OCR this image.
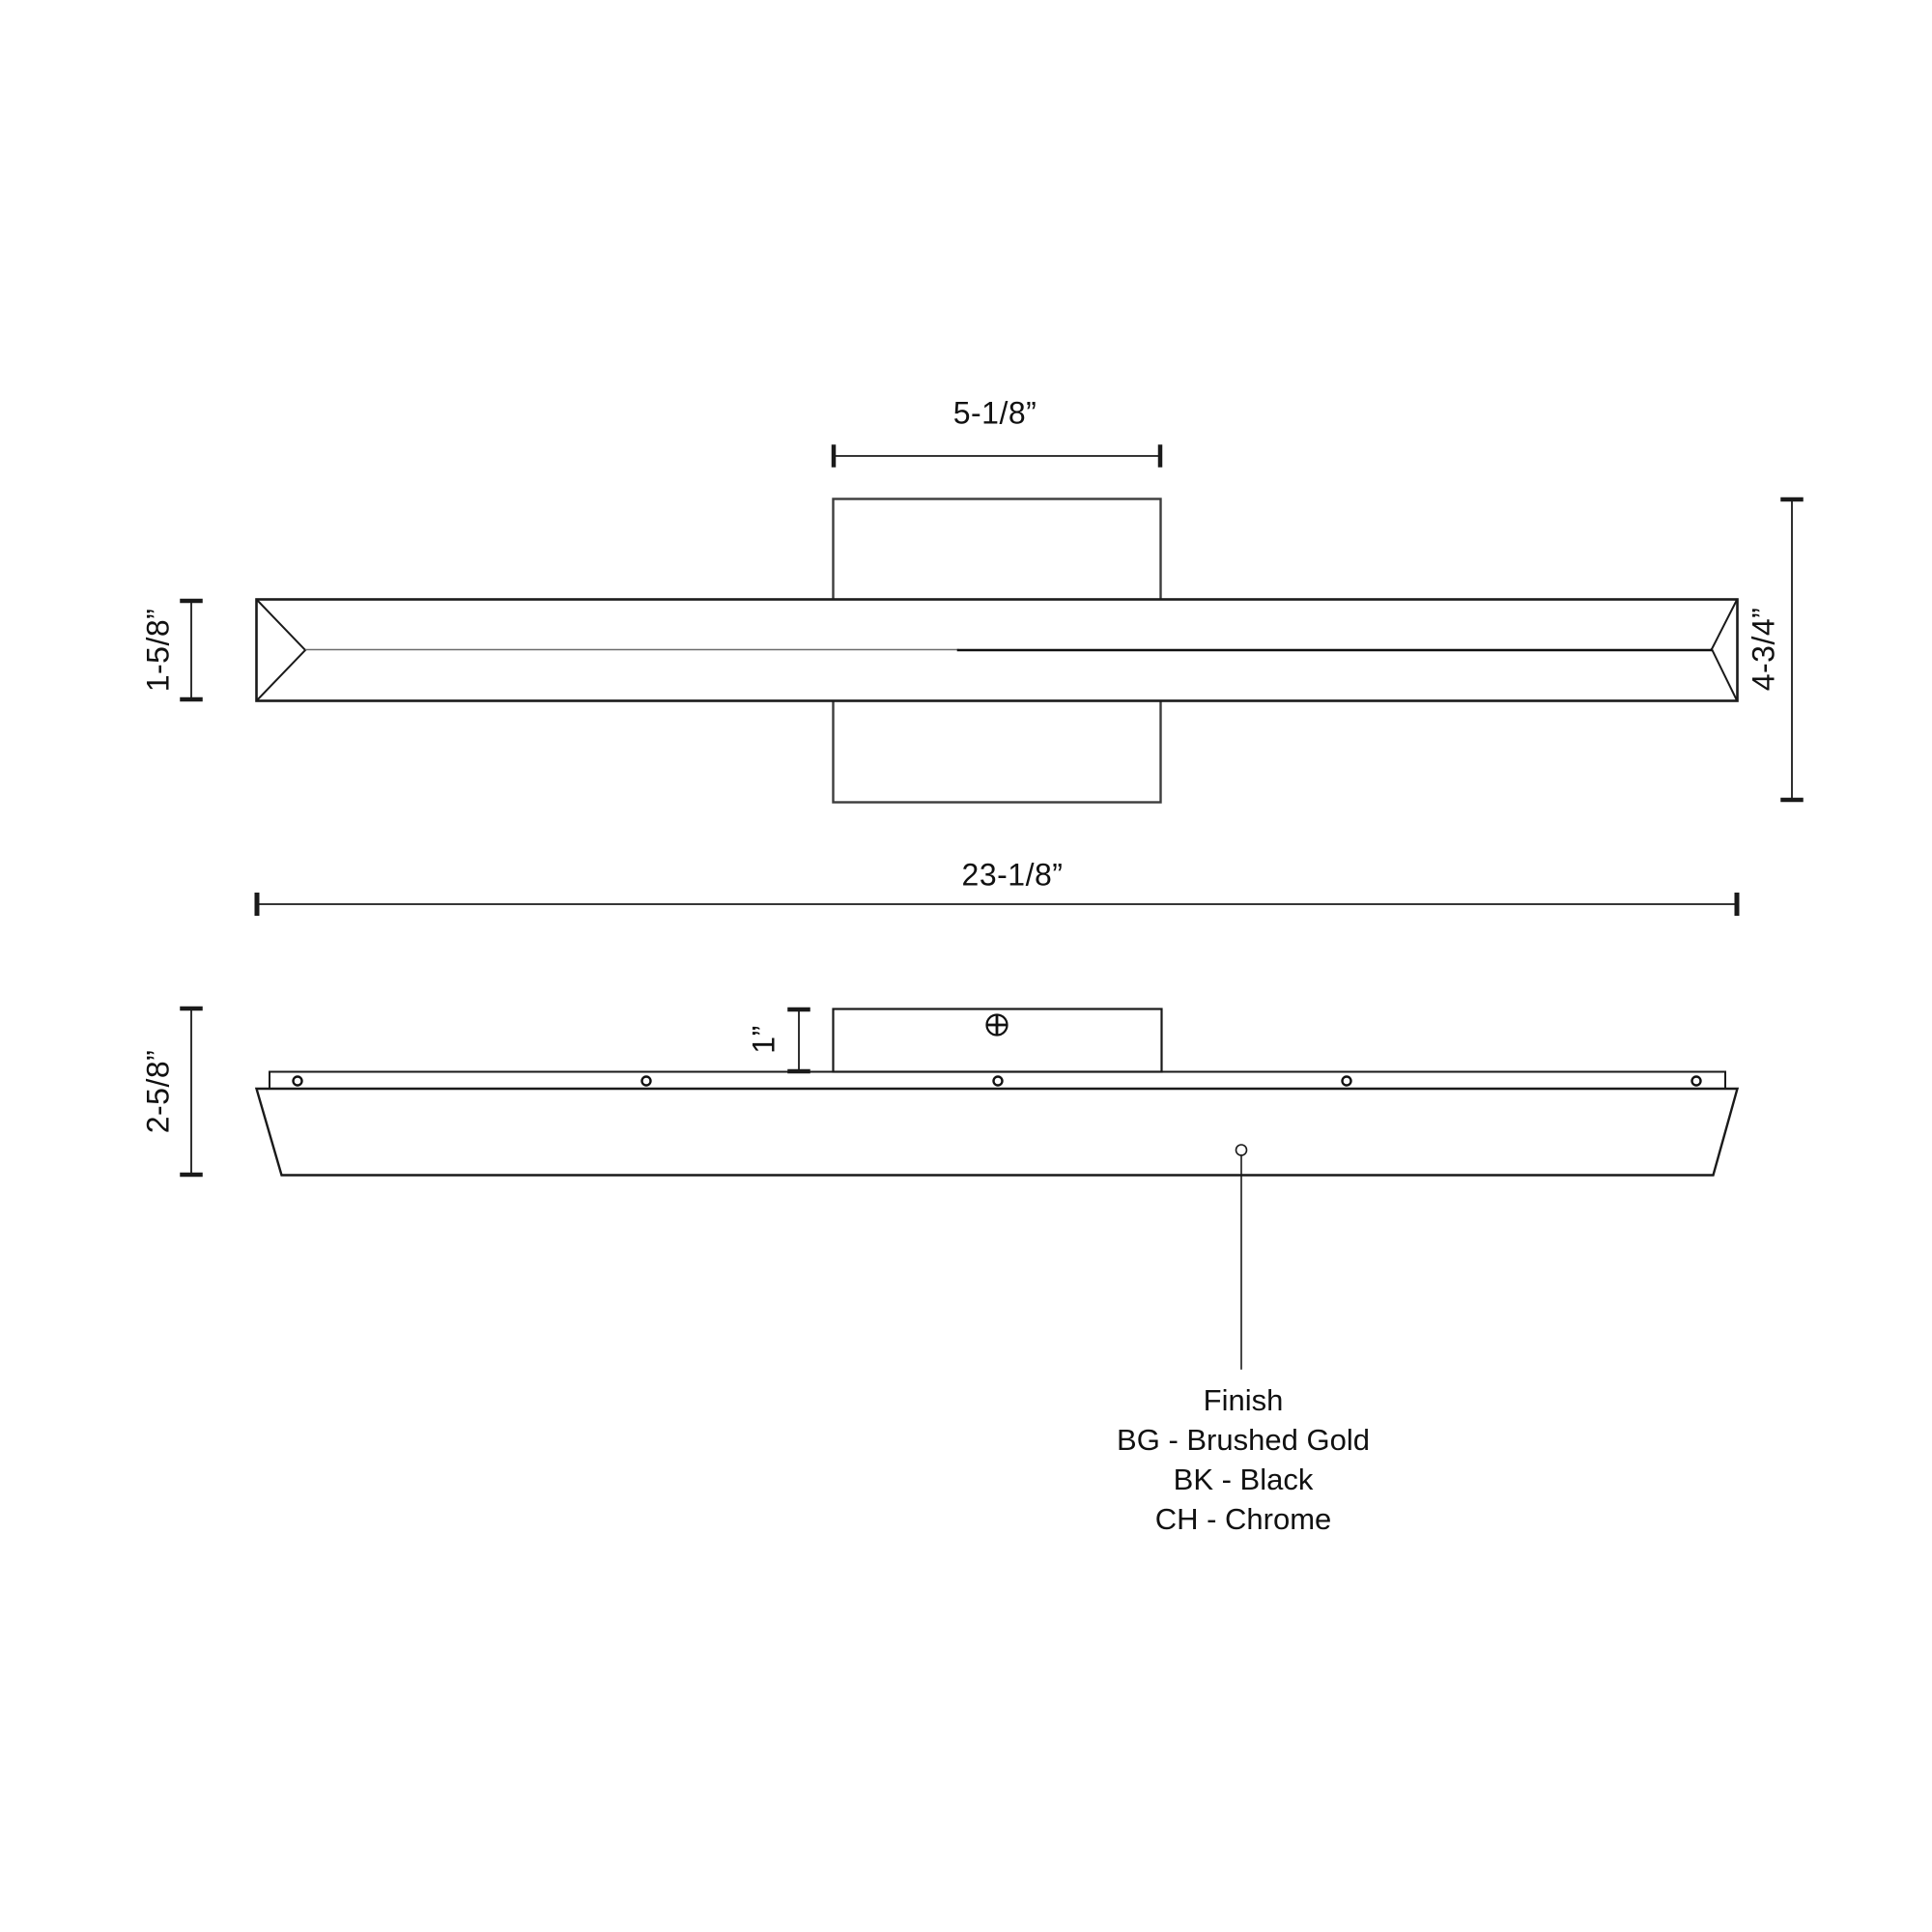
5-1/8”
1-5/8”	4-3/4”
23-1/8”
2-5/8”
1”
Finish
BG - Brushed Gold
BK - Black
CH - Chrome
